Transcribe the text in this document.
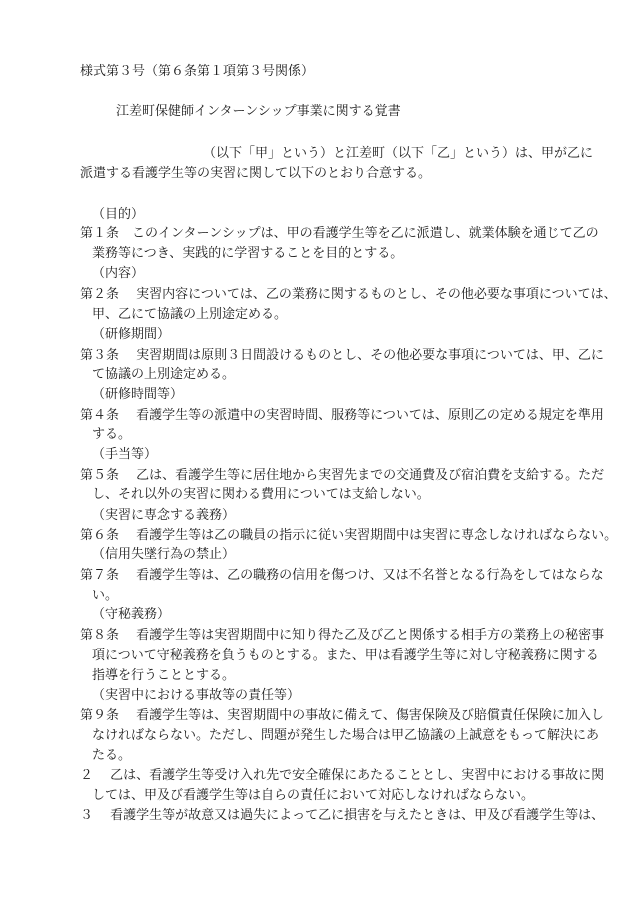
様式第３号（第６条第１項第３号関係）
江差町保健師インターンシップ事業に関する覚書
（以下「甲」という）と江差町（以下「乙」という）は、甲が乙に
派遣する看護学生等の実習に関して以下のとおり合意する。
（目的）
第１条　このインターンシップは、甲の看護学生等を乙に派遣し、就業体験を通じて乙の
業務等につき、実践的に学習することを目的とする。
（内容）
第２条　 実習内容については、乙の業務に関するものとし、その他必要な事項については、
甲、乙にて協議の上別途定める。
（研修期間）
第３条　 実習期間は原則３日間設けるものとし、その他必要な事項については、甲、乙に
て協議の上別途定める。
（研修時間等）
第４条　 看護学生等の派遣中の実習時間、服務等については、原則乙の定める規定を準用
する。
（手当等）
第５条　 乙は、看護学生等に居住地から実習先までの交通費及び宿泊費を支給する。ただ
し、それ以外の実習に関わる費用については支給しない。
（実習に専念する義務）
第６条　 看護学生等は乙の職員の指示に従い実習期間中は実習に専念しなければならない。
（信用失墜行為の禁止）
第７条　 看護学生等は、乙の職務の信用を傷つけ、又は不名誉となる行為をしてはならな
い。
（守秘義務）
第８条　 看護学生等は実習期間中に知り得た乙及び乙と関係する相手方の業務上の秘密事
項について守秘義務を負うものとする。また、甲は看護学生等に対し守秘義務に関する
指導を行うこととする。
（実習中における事故等の責任等）
第９条　 看護学生等は、実習期間中の事故に備えて、傷害保険及び賠償責任保険に加入し
なければならない。ただし、問題が発生した場合は甲乙協議の上誠意をもって解決にあ
たる。
２　 乙は、看護学生等受け入れ先で安全確保にあたることとし、実習中における事故に関
しては、甲及び看護学生等は自らの責任において対応しなければならない。
３　 看護学生等が故意又は過失によって乙に損害を与えたときは、甲及び看護学生等は、
